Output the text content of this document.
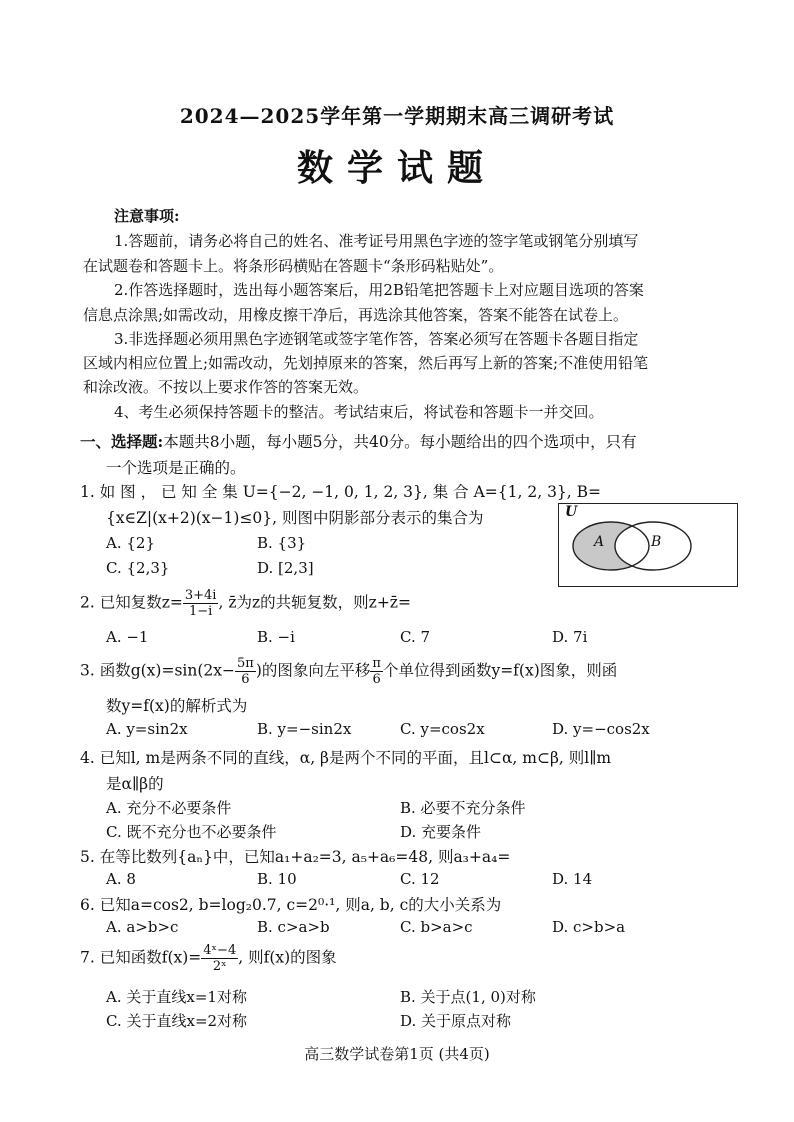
2024—2025学年第一学期期末高三调研考试
数学试题
注意事项:
1.答题前，请务必将自己的姓名、准考证号用黑色字迹的签字笔或钢笔分别填写
在试题卷和答题卡上。将条形码横贴在答题卡“条形码粘贴处”。
2.作答选择题时，选出每小题答案后，用2B铅笔把答题卡上对应题目选项的答案
信息点涂黑;如需改动，用橡皮擦干净后，再选涂其他答案，答案不能答在试卷上。
3.非选择题必须用黑色字迹钢笔或签字笔作答，答案必须写在答题卡各题目指定
区域内相应位置上;如需改动，先划掉原来的答案，然后再写上新的答案;不准使用铅笔
和涂改液。不按以上要求作答的答案无效。
4、考生必须保持答题卡的整洁。考试结束后，将试卷和答题卡一并交回。
一、选择题:本题共8小题，每小题5分，共40分。每小题给出的四个选项中，只有
一个选项是正确的。
1. 如 图 ， 已 知 全 集 U={−2, −1, 0, 1, 2, 3}, 集 合 A={1, 2, 3}, B=
{x∈Z|(x+2)(x−1)≤0}, 则图中阴影部分表示的集合为
A. {2}	B. {3}
C. {2,3}	D. [2,3]
U
A	B
2. 已知复数$z= \frac{3+4i}{1-i}$ , z̄为z的共轭复数，则z+z̄=
A. −1	B. −i	C. 7	D. 7i
3. 函数$g(x)=\sin(2x- \frac{5\pi}{6}$ )的图象向左平移 $\frac{\pi}{6}$ 个单位得到函数y=f(x)图象，则函
数y=f(x)的解析式为
A. y=sin2x	B. y=−sin2x	C. y=cos2x	D. y=−cos2x
4. 已知l, m是两条不同的直线，α, β是两个不同的平面，且l⊂α, m⊂β, 则l∥m
是α∥β的
A. 充分不必要条件	B. 必要不充分条件
C. 既不充分也不必要条件	D. 充要条件
5. 在等比数列{aₙ}中，已知a₁+a₂=3, a₅+a₆=48, 则a₃+a₄=
A. 8	B. 10	C. 12	D. 14
6. 已知a=cos2, b=log₂0.7, c=2⁰·¹, 则a, b, c的大小关系为
A. a>b>c	B. c>a>b	C. b>a>c	D. c>b>a
7. 已知函数$f(x)= \frac{\text{4ˣ−4}}{\text{2ˣ}}$ , 则f(x)的图象
A. 关于直线x=1对称	B. 关于点(1, 0)对称
C. 关于直线x=2对称	D. 关于原点对称
高三数学试卷第1页 (共4页)
